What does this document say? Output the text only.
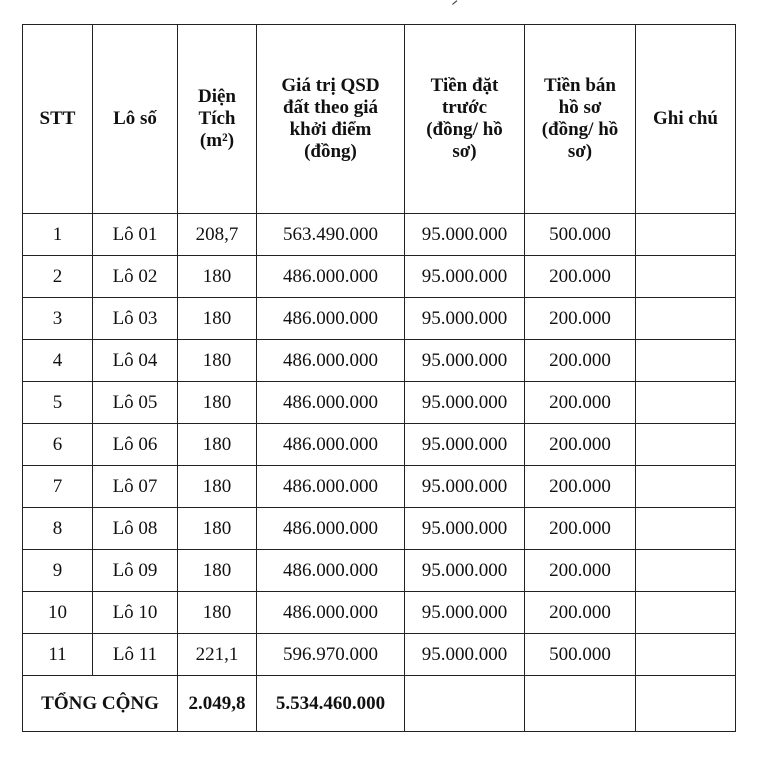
STT	Lô số	Diện
Tích
(m²)	Giá trị QSD
đất theo giá
khởi điểm
(đồng)	Tiền đặt
trước
(đồng/ hồ
sơ)	Tiền bán
hồ sơ
(đồng/ hồ
sơ)	Ghi chú
1	Lô 01	208,7	563.490.000	95.000.000	500.000	
2	Lô 02	180	486.000.000	95.000.000	200.000	
3	Lô 03	180	486.000.000	95.000.000	200.000	
4	Lô 04	180	486.000.000	95.000.000	200.000	
5	Lô 05	180	486.000.000	95.000.000	200.000	
6	Lô 06	180	486.000.000	95.000.000	200.000	
7	Lô 07	180	486.000.000	95.000.000	200.000	
8	Lô 08	180	486.000.000	95.000.000	200.000	
9	Lô 09	180	486.000.000	95.000.000	200.000	
10	Lô 10	180	486.000.000	95.000.000	200.000	
11	Lô 11	221,1	596.970.000	95.000.000	500.000	
TỔNG CỘNG		2.049,8	5.534.460.000			
